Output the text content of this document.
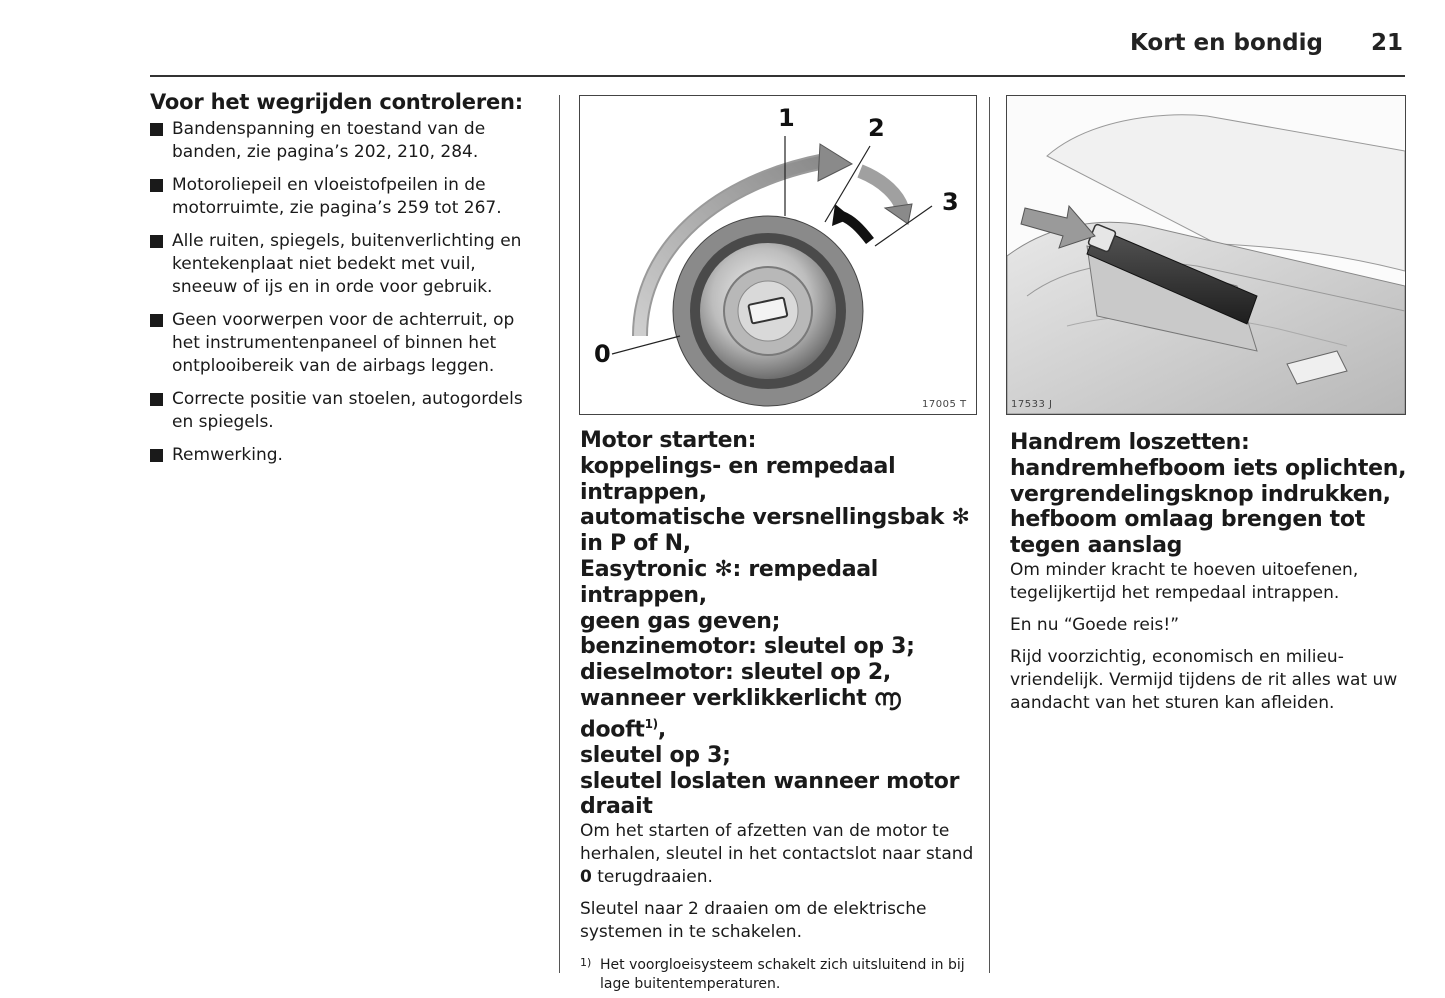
Kort en bondig 21
Voor het wegrijden controleren:
Bandenspanning en toestand van de banden, zie pagina’s 202, 210, 284.
Motoroliepeil en vloeistofpeilen in de motorruimte, zie pagina’s 259 tot 267.
Alle ruiten, spiegels, buitenverlichting en kentekenplaat niet bedekt met vuil, sneeuw of ijs en in orde voor gebruik.
Geen voorwerpen voor de achterruit, op het instrumentenpaneel of binnen het ontplooibereik van de airbags leggen.
Correcte positie van stoelen, autogordels en spiegels.
Remwerking.
1	2
3
0
17005 T	17533 J
Motor starten:
koppelings- en rempedaal
intrappen,
automatische versnellingsbak ✻
in P of N,
Easytronic ✻: rempedaal
intrappen,
geen gas geven;
benzinemotor: sleutel op 3;
dieselmotor: sleutel op 2,
wanneer verklikkerlicht ൬ dooft$^{1)}$,
sleutel op 3;
sleutel loslaten wanneer motor
draait

Om het starten of afzetten van de motor te herhalen, sleutel in het contactslot naar stand 0 terugdraaien.

Sleutel naar 2 draaien om de elektrische systemen in te schakelen.

1) Het voorgloeisysteem schakelt zich uitsluitend in bij lage buitentemperaturen.
Handrem loszetten:
handremhefboom iets oplichten,
vergrendelingsknop indrukken,
hefboom omlaag brengen tot
tegen aanslag

Om minder kracht te hoeven uitoefenen, tegelijkertijd het rempedaal intrappen.

En nu “Goede reis!”

Rijd voorzichtig, economisch en milieu-vriendelijk. Vermijd tijdens de rit alles wat uw aandacht van het sturen kan afleiden.
